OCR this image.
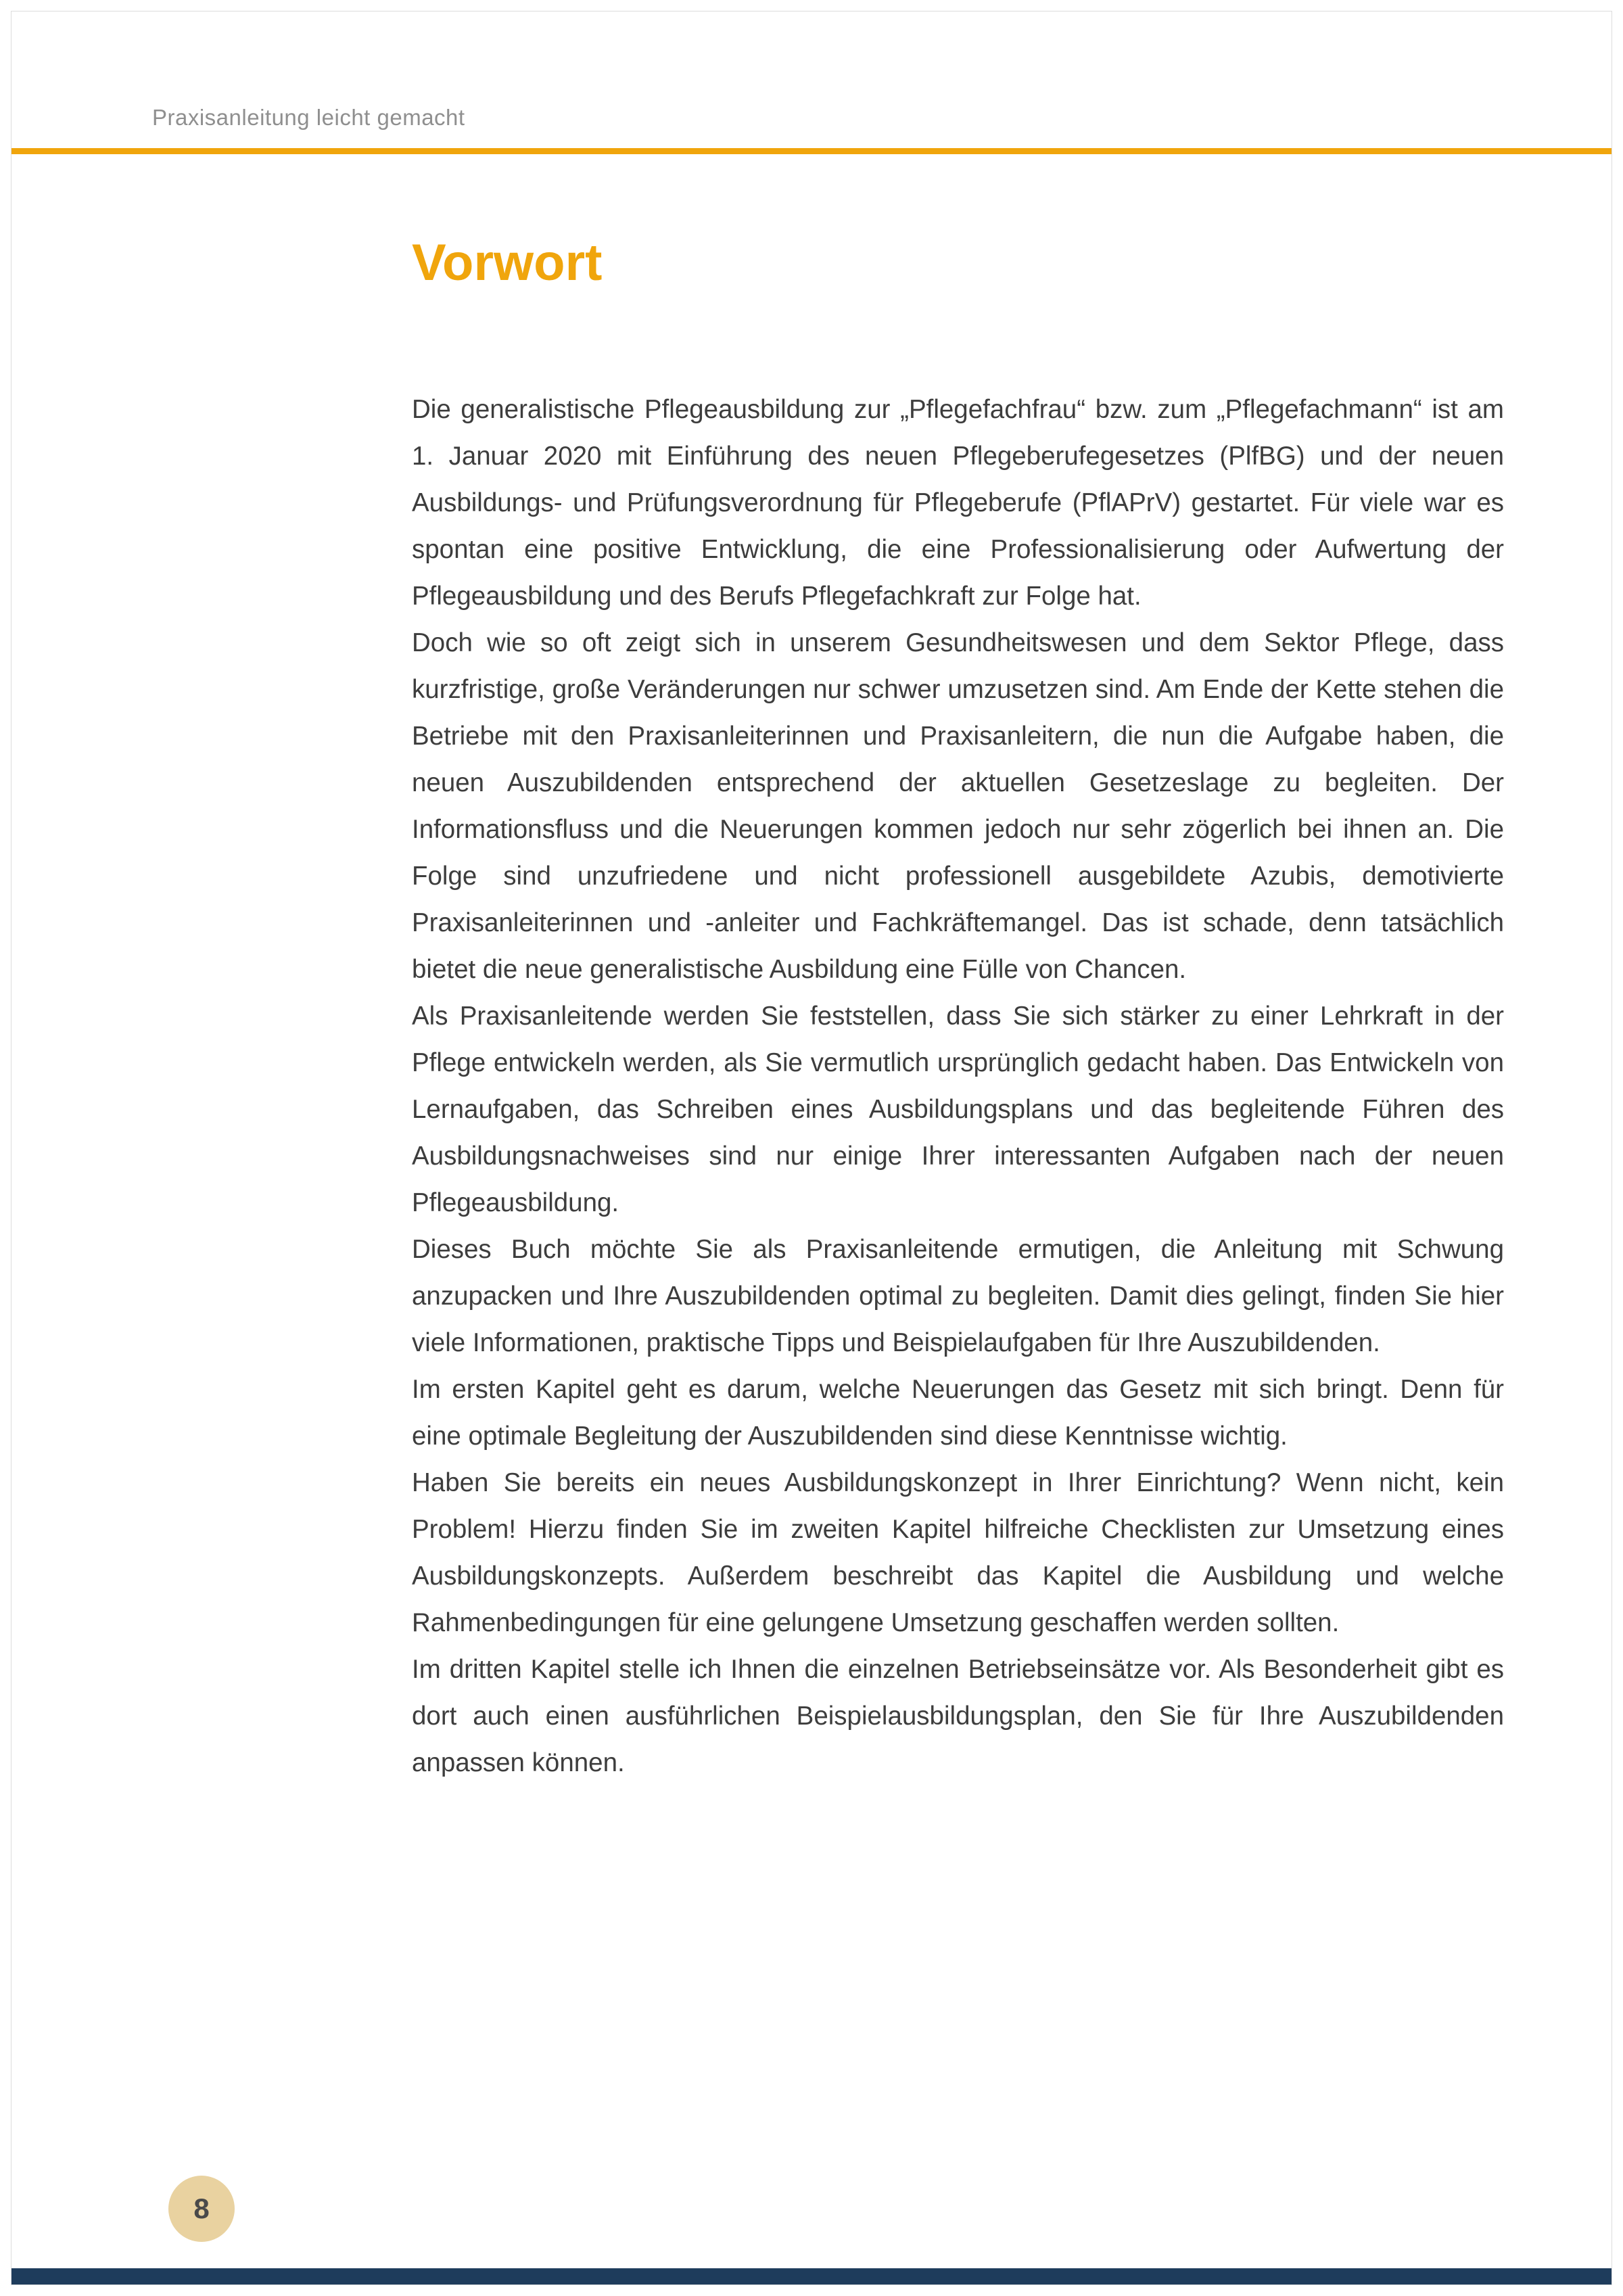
Praxisanleitung leicht gemacht
Vorwort

Die generalistische Pflegeausbildung zur „Pflegefachfrau“ bzw. zum „Pflegefachmann“ ist am 1. Januar 2020 mit Einführung des neuen Pflegeberufegesetzes (PlfBG) und der neuen Ausbildungs- und Prüfungsverordnung für Pflegeberufe (PflAPrV) gestartet. Für viele war es spontan eine positive Entwicklung, die eine Professionalisierung oder Aufwertung der Pflegeausbildung und des Berufs Pflegefachkraft zur Folge hat.

Doch wie so oft zeigt sich in unserem Gesundheitswesen und dem Sektor Pflege, dass kurzfristige, große Veränderungen nur schwer umzusetzen sind. Am Ende der Kette stehen die Betriebe mit den Praxisanleiterinnen und Praxisanleitern, die nun die Aufgabe haben, die neuen Auszubildenden entsprechend der aktuellen Gesetzeslage zu begleiten. Der Informationsfluss und die Neuerungen kommen jedoch nur sehr zögerlich bei ihnen an. Die Folge sind unzufriedene und nicht professionell ausgebildete Azubis, demotivierte Praxisanleiterinnen und -anleiter und Fachkräftemangel. Das ist schade, denn tatsächlich bietet die neue generalistische Ausbildung eine Fülle von Chancen.

Als Praxisanleitende werden Sie feststellen, dass Sie sich stärker zu einer Lehrkraft in der Pflege entwickeln werden, als Sie vermutlich ursprünglich gedacht haben. Das Entwickeln von Lernaufgaben, das Schreiben eines Ausbildungsplans und das begleitende Führen des Ausbildungsnachweises sind nur einige Ihrer interessanten Aufgaben nach der neuen Pflegeausbildung.

Dieses Buch möchte Sie als Praxisanleitende ermutigen, die Anleitung mit Schwung anzupacken und Ihre Auszubildenden optimal zu begleiten. Damit dies gelingt, finden Sie hier viele Informationen, praktische Tipps und Beispielaufgaben für Ihre Auszubildenden.

Im ersten Kapitel geht es darum, welche Neuerungen das Gesetz mit sich bringt. Denn für eine optimale Begleitung der Auszubildenden sind diese Kenntnisse wichtig.

Haben Sie bereits ein neues Ausbildungskonzept in Ihrer Einrichtung? Wenn nicht, kein Problem! Hierzu finden Sie im zweiten Kapitel hilfreiche Checklisten zur Umsetzung eines Ausbildungskonzepts. Außerdem beschreibt das Kapitel die Ausbildung und welche Rahmenbedingungen für eine gelungene Umsetzung geschaffen werden sollten.

Im dritten Kapitel stelle ich Ihnen die einzelnen Betriebseinsätze vor. Als Besonderheit gibt es dort auch einen ausführlichen Beispielausbildungsplan, den Sie für Ihre Auszubildenden anpassen können.

8
